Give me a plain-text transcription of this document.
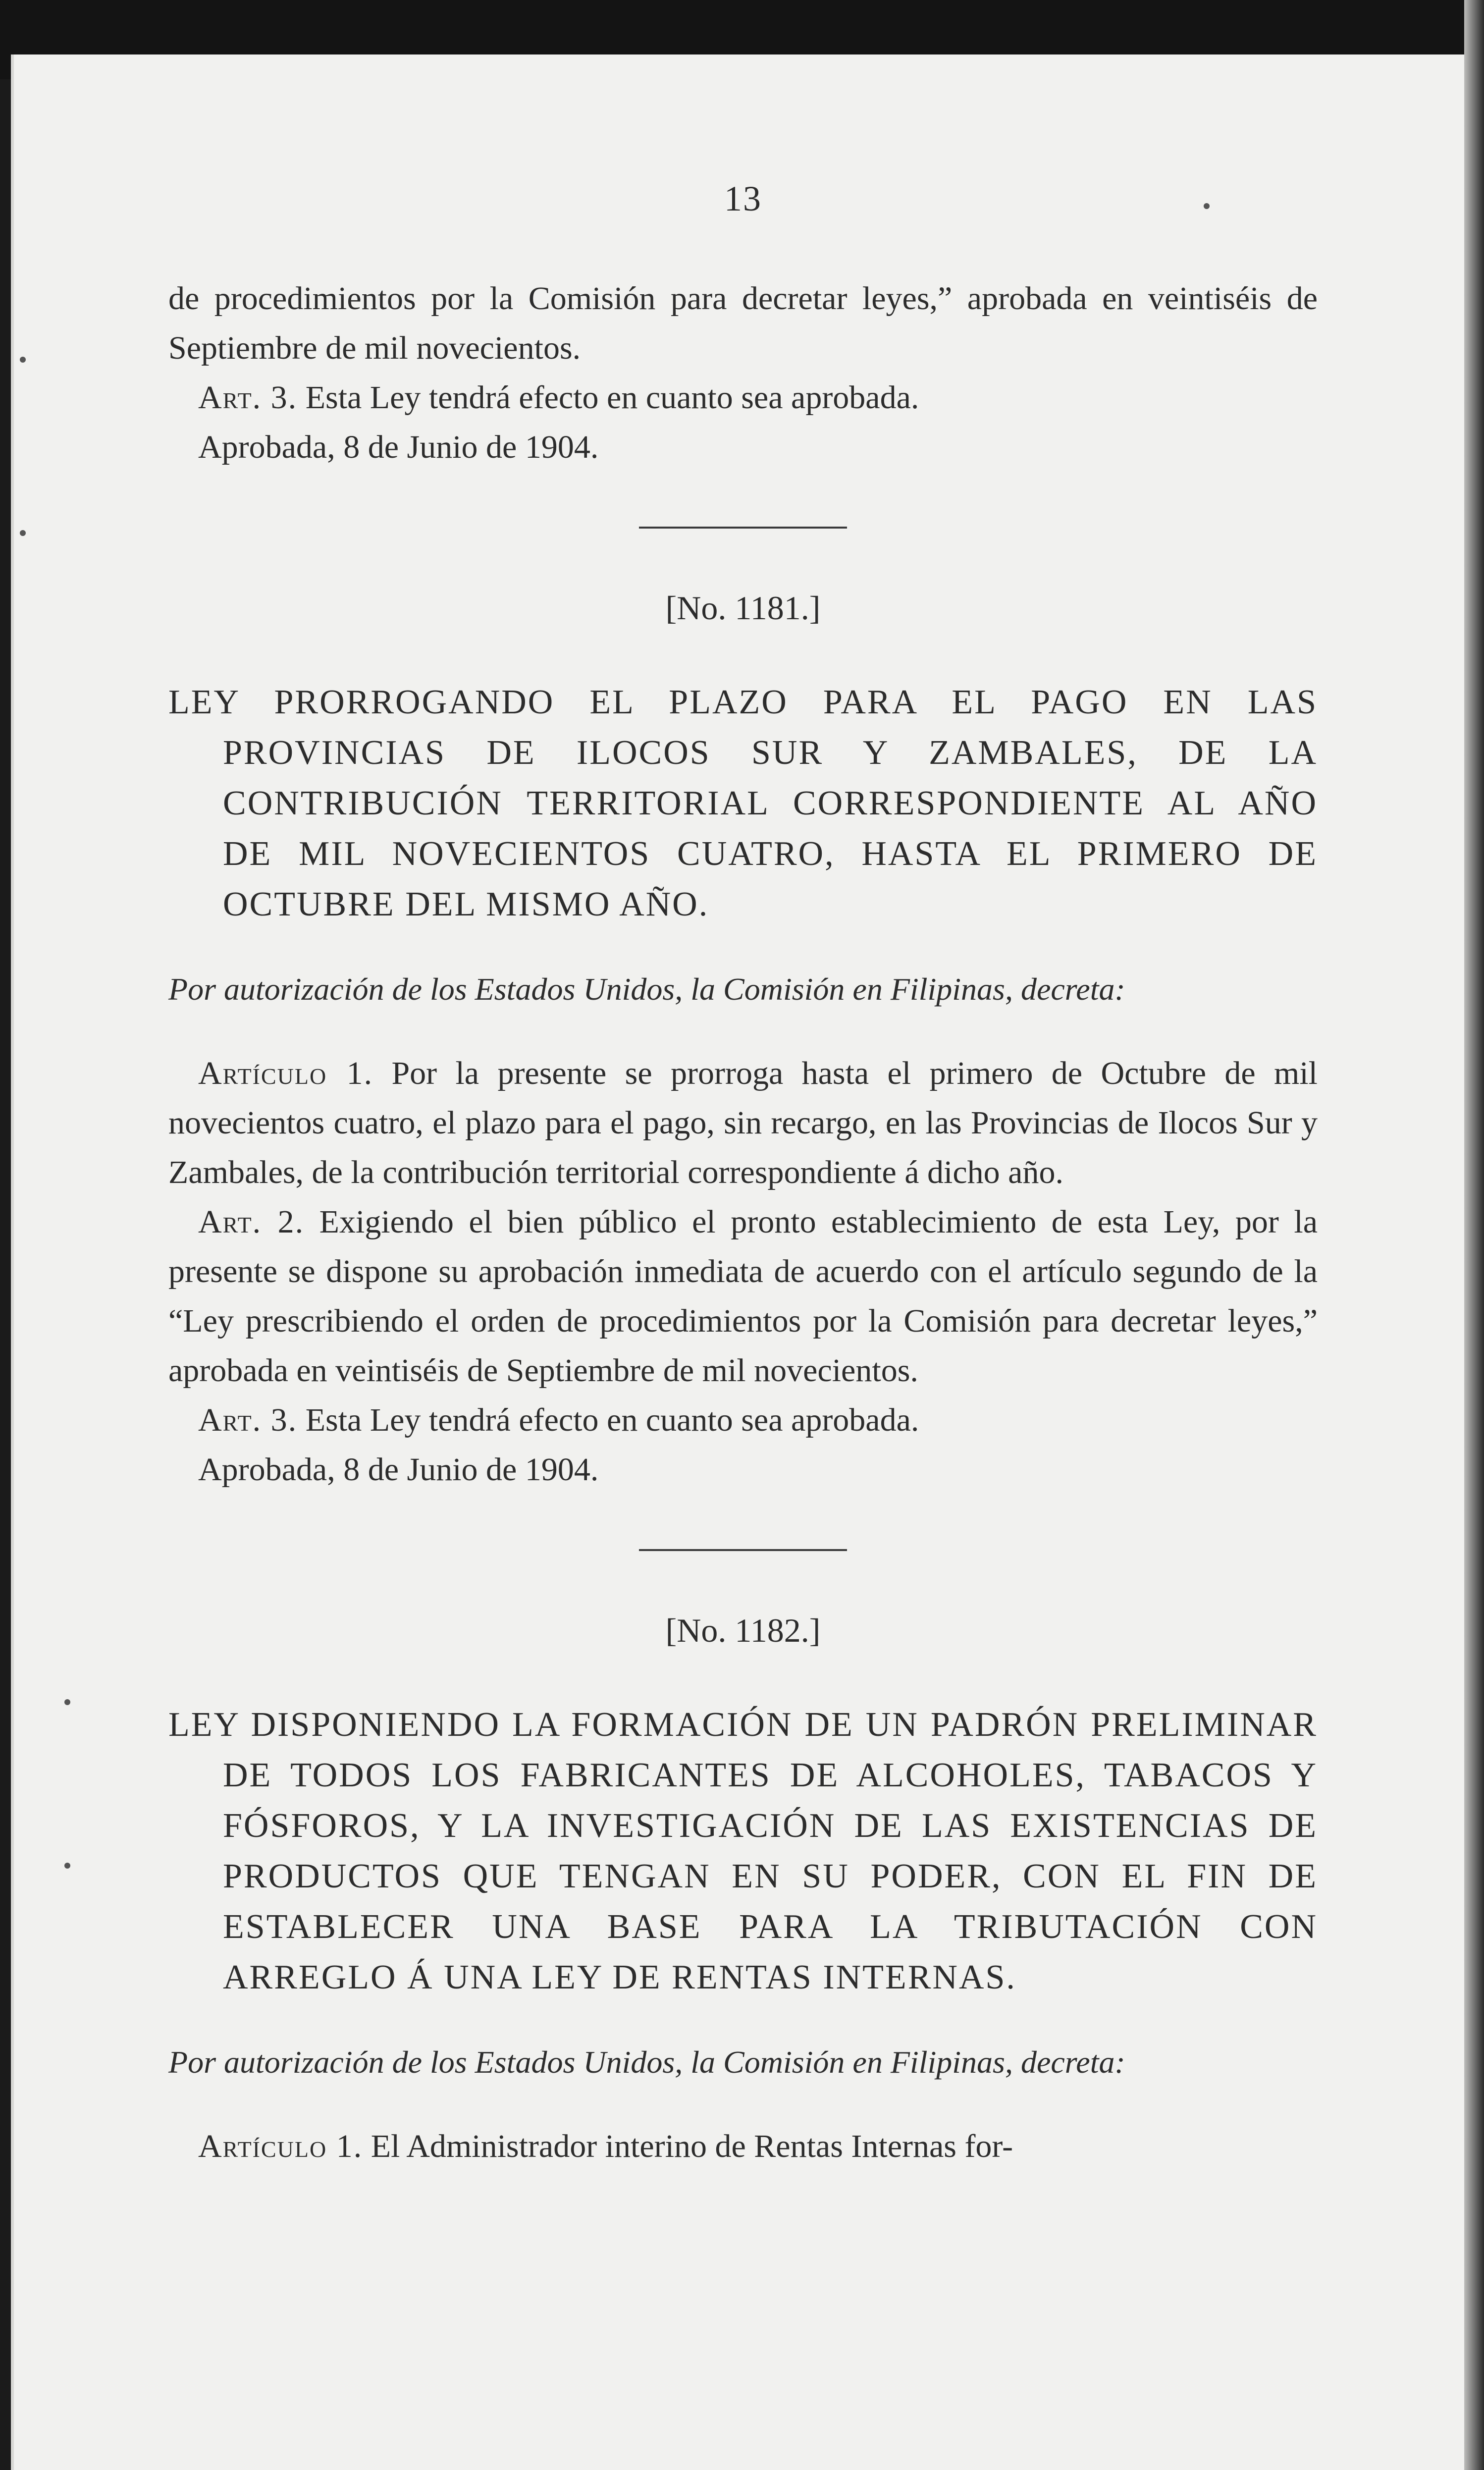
13

de procedimientos por la Comisión para decretar leyes,” aprobada en veintiséis de Septiembre de mil novecientos.

Art. 3. Esta Ley tendrá efecto en cuanto sea aprobada.

Aprobada, 8 de Junio de 1904.

[No. 1181.]

LEY PRORROGANDO EL PLAZO PARA EL PAGO EN LAS PROVINCIAS DE ILOCOS SUR Y ZAMBALES, DE LA CONTRIBUCIÓN TERRITORIAL CORRESPONDIENTE AL AÑO DE MIL NOVECIENTOS CUATRO, HASTA EL PRIMERO DE OCTUBRE DEL MISMO AÑO.

Por autorización de los Estados Unidos, la Comisión en Filipinas, decreta:

Artículo 1. Por la presente se prorroga hasta el primero de Octubre de mil novecientos cuatro, el plazo para el pago, sin recargo, en las Provincias de Ilocos Sur y Zambales, de la contribución territorial correspondiente á dicho año.

Art. 2. Exigiendo el bien público el pronto establecimiento de esta Ley, por la presente se dispone su aprobación inmediata de acuerdo con el artículo segundo de la “Ley prescribiendo el orden de procedimientos por la Comisión para decretar leyes,” aprobada en veintiséis de Septiembre de mil novecientos.

Art. 3. Esta Ley tendrá efecto en cuanto sea aprobada.

Aprobada, 8 de Junio de 1904.

[No. 1182.]

LEY DISPONIENDO LA FORMACIÓN DE UN PADRÓN PRELIMINAR DE TODOS LOS FABRICANTES DE ALCOHOLES, TABACOS Y FÓSFOROS, Y LA INVESTIGACIÓN DE LAS EXISTENCIAS DE PRODUCTOS QUE TENGAN EN SU PODER, CON EL FIN DE ESTABLECER UNA BASE PARA LA TRIBUTACIÓN CON ARREGLO Á UNA LEY DE RENTAS INTERNAS.

Por autorización de los Estados Unidos, la Comisión en Filipinas, decreta:

Artículo 1. El Administrador interino de Rentas Internas for-
